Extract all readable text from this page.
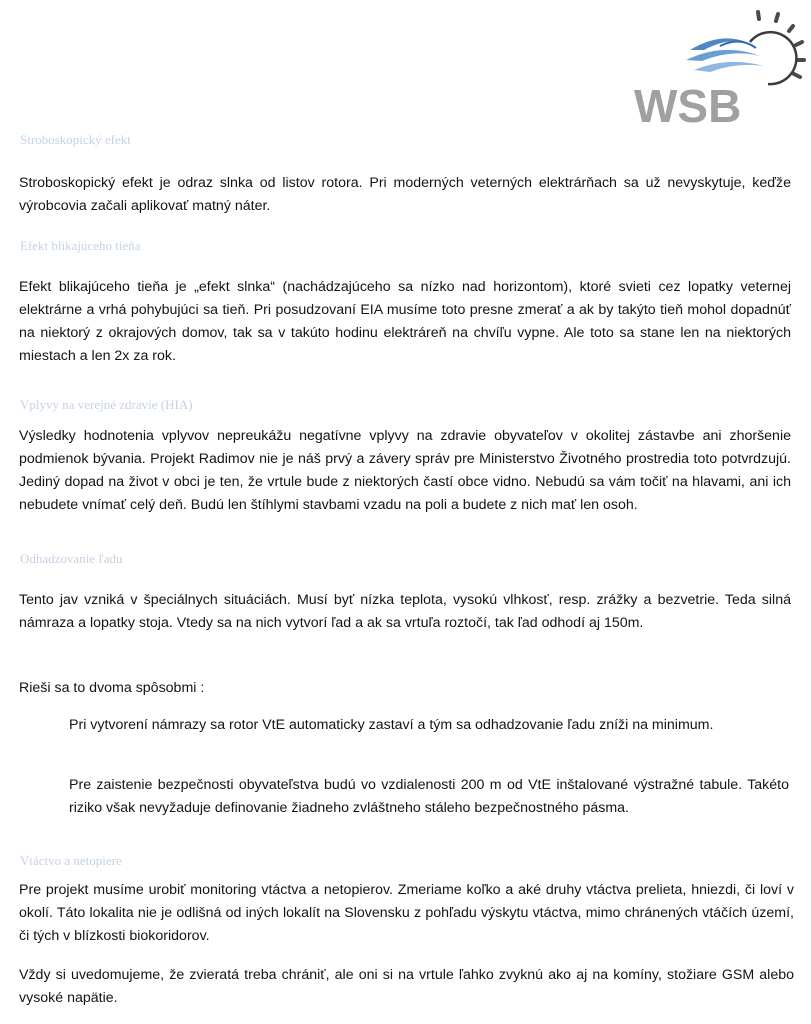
WSB
Stroboskopický efekt

Stroboskopický efekt je odraz slnka od listov rotora. Pri moderných veterných elektrárňach sa už nevyskytuje, keďže výrobcovia začali aplikovať matný náter.

Efekt blikajúceho tieňa

Efekt blikajúceho tieňa je „efekt slnka“ (nachádzajúceho sa nízko nad horizontom), ktoré svieti cez lopatky veternej elektrárne a vrhá pohybujúci sa tieň. Pri posudzovaní EIA musíme toto presne zmerať a ak by takýto tieň mohol dopadnúť na niektorý z okrajových domov, tak sa v takúto hodinu elektráreň na chvíľu vypne. Ale toto sa stane len na niektorých miestach a len 2x za rok.

Vplyvy na verejné zdravie (HIA)

Výsledky hodnotenia vplyvov nepreukážu negatívne vplyvy na zdravie obyvateľov v okolitej zástavbe ani zhoršenie podmienok bývania. Projekt Radimov nie je náš prvý a závery správ pre Ministerstvo Životného prostredia toto potvrdzujú. Jediný dopad na život v obci je ten, že vrtule bude z niektorých častí obce vidno. Nebudú sa vám točiť na hlavami, ani ich nebudete vnímať celý deň. Budú len štíhlymi stavbami vzadu na poli a budete z nich mať len osoh.

Odhadzovanie ľadu

Tento jav vzniká v špeciálnych situáciách. Musí byť nízka teplota, vysokú vlhkosť, resp. zrážky a bezvetrie. Teda silná námraza a lopatky stoja. Vtedy sa na nich vytvorí ľad a ak sa vrtuľa roztočí, tak ľad odhodí aj 150m.

Rieši sa to dvoma spôsobmi :

Pri vytvorení námrazy sa rotor VtE automaticky zastaví a tým sa odhadzovanie ľadu zníži na minimum.

Pre zaistenie bezpečnosti obyvateľstva budú vo vzdialenosti 200 m od VtE inštalované výstražné tabule. Takéto riziko však nevyžaduje definovanie žiadneho zvláštneho stáleho bezpečnostného pásma.

Vtáctvo a netopiere

Pre projekt musíme urobiť monitoring vtáctva a netopierov. Zmeriame koľko a aké druhy vtáctva prelieta, hniezdi, či loví v okolí. Táto lokalita nie je odlišná od iných lokalít na Slovensku z pohľadu výskytu vtáctva, mimo chránených vtáčích území, či tých v blízkosti biokoridorov.

Vždy si uvedomujeme, že zvieratá treba chrániť, ale oni si na vrtule ľahko zvyknú ako aj na komíny, stožiare GSM alebo vysoké napätie.
